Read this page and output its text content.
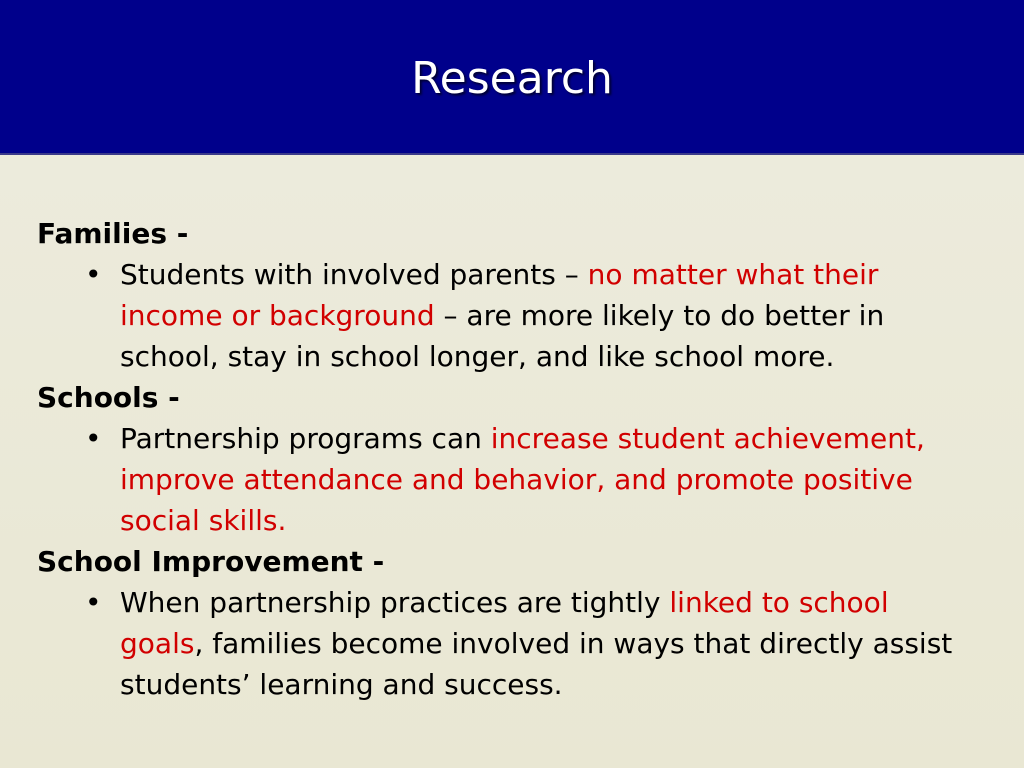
Research
Families -
• Students with involved parents – no matter what their income or background – are more likely to do better in school, stay in school longer, and like school more.
Schools -
• Partnership programs can increase student achievement, improve attendance and behavior, and promote positive social skills.
School Improvement -
• When partnership practices are tightly linked to school goals, families become involved in ways that directly assist students’ learning and success.
